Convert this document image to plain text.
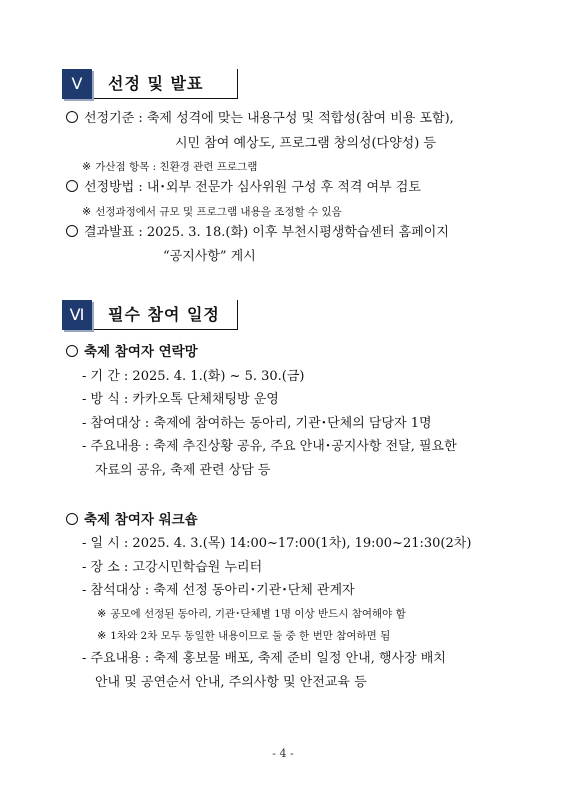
Ⅴ	선정 및 발표
선정기준 : 축제 성격에 맞는 내용구성 및 적합성(참여 비용 포함),
시민 참여 예상도, 프로그램 창의성(다양성) 등
※ 가산점 항목 : 친환경 관련 프로그램
선정방법 : 내･외부 전문가 심사위원 구성 후 적격 여부 검토
※ 선정과정에서 규모 및 프로그램 내용을 조정할 수 있음
결과발표 : 2025. 3. 18.(화) 이후 부천시평생학습센터 홈페이지
“공지사항” 게시
Ⅵ	필수 참여 일정
축제 참여자 연락망
- 기 간 : 2025. 4. 1.(화) ~ 5. 30.(금)
- 방 식 : 카카오톡 단체채팅방 운영
- 참여대상 : 축제에 참여하는 동아리, 기관･단체의 담당자 1명
- 주요내용 : 축제 추진상황 공유, 주요 안내･공지사항 전달, 필요한
자료의 공유, 축제 관련 상담 등
축제 참여자 워크숍
- 일 시 : 2025. 4. 3.(목) 14:00~17:00(1차), 19:00~21:30(2차)
- 장 소 : 고강시민학습원 누리터
- 참석대상 : 축제 선정 동아리･기관･단체 관계자
※ 공모에 선정된 동아리, 기관･단체별 1명 이상 반드시 참여해야 함
※ 1차와 2차 모두 동일한 내용이므로 둘 중 한 번만 참여하면 됨
- 주요내용 : 축제 홍보물 배포, 축제 준비 일정 안내, 행사장 배치
안내 및 공연순서 안내, 주의사항 및 안전교육 등
- 4 -
